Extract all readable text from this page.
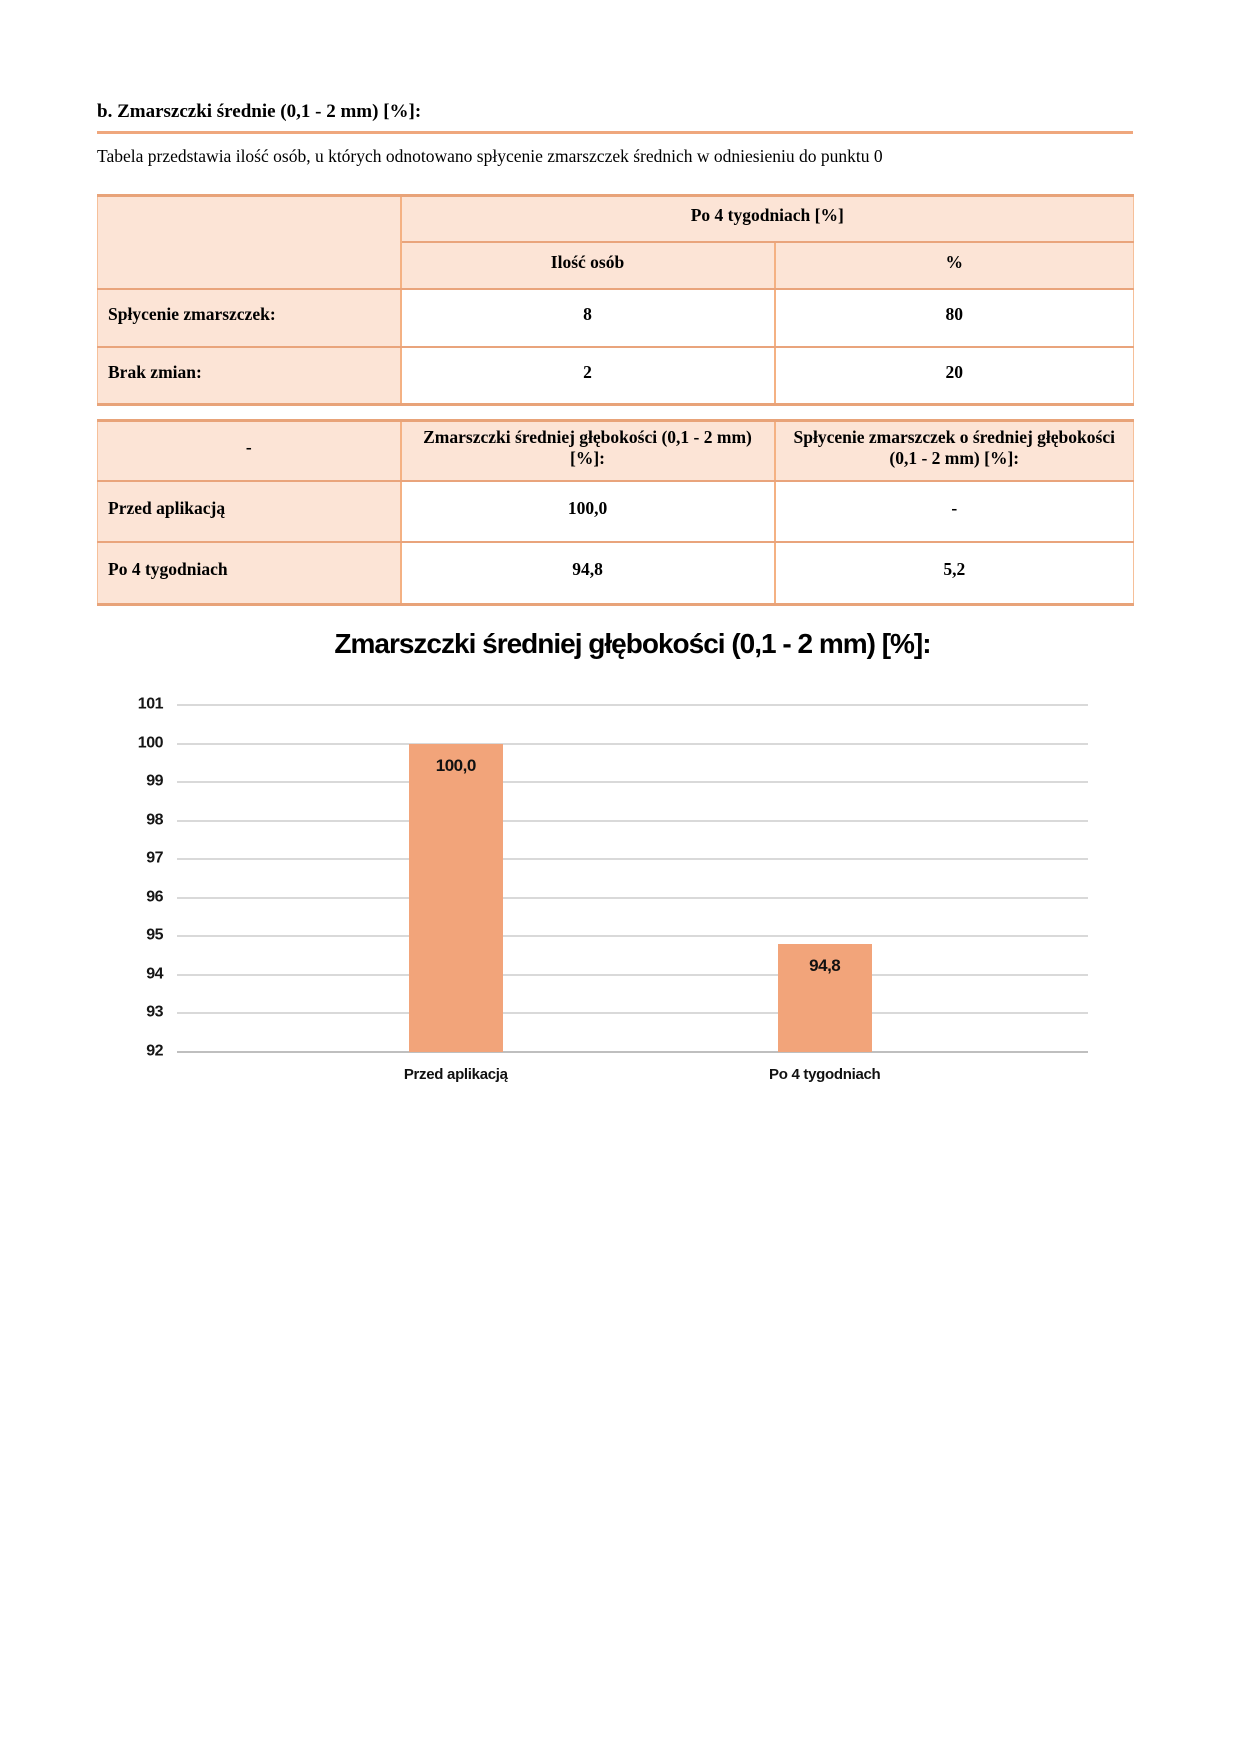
b. Zmarszczki średnie (0,1 - 2 mm) [%]:
Tabela przedstawia ilość osób, u których odnotowano spłycenie zmarszczek średnich w odniesieniu do punktu 0
	Po 4 tygodniach [%]	
	Ilość osób	%
Spłycenie zmarszczek:	8	80
Brak zmian:	2	20
-	Zmarszczki średniej głębokości (0,1 - 2 mm) [%]:	Spłycenie zmarszczek o średniej głębokości (0,1 - 2 mm) [%]:
Przed aplikacją	100,0	-
Po 4 tygodniach	94,8	5,2
Zmarszczki średniej głębokości (0,1 - 2 mm) [%]:
101
100
99
98
97
96
95
94
93
92
100,0
Przed aplikacją
94,8
Po 4 tygodniach
